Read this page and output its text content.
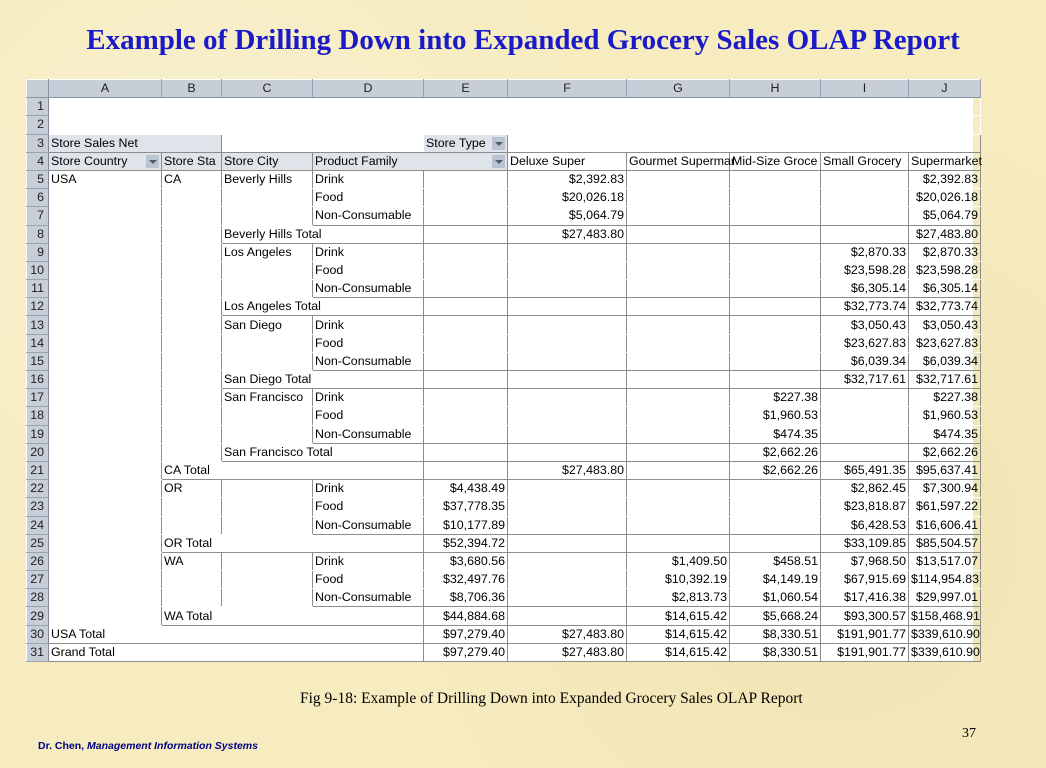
Example of Drilling Down into Expanded Grocery Sales OLAP Report
	A	B	C	D	E	F	G	H	I	J	
1											
2											
3	Store Sales Net				Store Type	

4	Store Country	Store Sta	Store City	Product Family		Deluxe Super	Gourmet Supermar	Mid-Size Groce	Small Grocery	Supermarket	
5	USA	CA	Beverly Hills	Drink		$2,392.83				$2,392.83	
6				Food		$20,026.18				$20,026.18	
7				Non-Consumable		$5,064.79				$5,064.79	
8			Beverly Hills Total			$27,483.80				$27,483.80	
9			Los Angeles	Drink					$2,870.33	$2,870.33	
10				Food					$23,598.28	$23,598.28	
11				Non-Consumable					$6,305.14	$6,305.14	
12			Los Angeles Total						$32,773.74	$32,773.74	
13			San Diego	Drink					$3,050.43	$3,050.43	
14				Food					$23,627.83	$23,627.83	
15				Non-Consumable					$6,039.34	$6,039.34	
16			San Diego Total						$32,717.61	$32,717.61	
17			San Francisco	Drink				$227.38		$227.38	
18				Food				$1,960.53		$1,960.53	
19				Non-Consumable				$474.35		$474.35	
20			San Francisco Total					$2,662.26		$2,662.26	
21		CA Total				$27,483.80		$2,662.26	$65,491.35	$95,637.41	
22		OR		Drink	$4,438.49				$2,862.45	$7,300.94	
23				Food	$37,778.35				$23,818.87	$61,597.22	
24				Non-Consumable	$10,177.89				$6,428.53	$16,606.41	
25		OR Total			$52,394.72				$33,109.85	$85,504.57	
26		WA		Drink	$3,680.56		$1,409.50	$458.51	$7,968.50	$13,517.07	
27				Food	$32,497.76		$10,392.19	$4,149.19	$67,915.69	$114,954.83	
28				Non-Consumable	$8,706.36		$2,813.73	$1,060.54	$17,416.38	$29,997.01	
29		WA Total			$44,884.68		$14,615.42	$5,668.24	$93,300.57	$158,468.91	
30	USA Total				$97,279.40	$27,483.80	$14,615.42	$8,330.51	$191,901.77	$339,610.90	
31	Grand Total				$97,279.40	$27,483.80	$14,615.42	$8,330.51	$191,901.77	$339,610.90	
Fig 9-18: Example of Drilling Down into Expanded Grocery Sales OLAP Report
37
Dr. Chen, Management Information Systems
